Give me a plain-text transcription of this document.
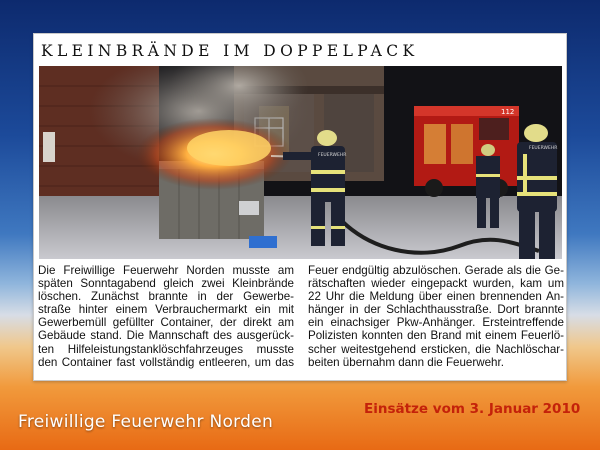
KLEINBRÄNDE IM DOPPELPACK
112
FEUERWEHR
FEUERWEHR
Die Freiwillige Feuerwehr Norden musste am
späten Sonntagabend gleich zwei Kleinbrände
löschen. Zunächst brannte in der Gewerbe-
straße hinter einem Verbrauchermarkt ein mit
Gewerbemüll gefüllter Container, der direkt am
Gebäude stand. Die Mannschaft des ausgerück-
ten Hilfeleistungstanklöschfahrzeuges musste
den Container fast vollständig entleeren, um das
Feuer endgültig abzulöschen. Gerade als die Ge-
rätschaften wieder eingepackt wurden, kam um
22 Uhr die Meldung über einen brennenden An-
hänger in der Schlachthausstraße. Dort brannte
ein einachsiger Pkw-Anhänger. Ersteintreffende
Polizisten konnten den Brand mit einem Feuerlö-
scher weitestgehend ersticken, die Nachlöschar-
beiten übernahm dann die Feuerwehr.
Einsätze vom 3. Januar 2010
Freiwillige Feuerwehr Norden
